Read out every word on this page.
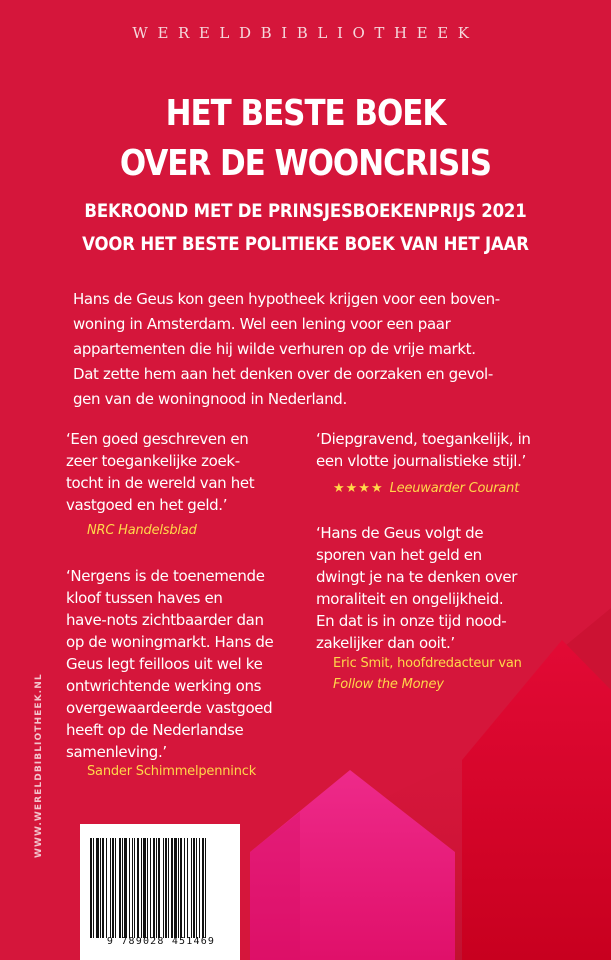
WERELDBIBLIOTHEEK
HET BESTE BOEK
OVER DE WOONCRISIS
BEKROOND MET DE PRINSJESBOEKENPRIJS 2021
VOOR HET BESTE POLITIEKE BOEK VAN HET JAAR
Hans de Geus kon geen hypotheek krijgen voor een boven-
woning in Amsterdam. Wel een lening voor een paar
appartementen die hij wilde verhuren op de vrije markt.
Dat zette hem aan het denken over de oorzaken en gevol-
gen van de woningnood in Nederland.
‘Een goed geschreven en
zeer toegankelijke zoek-
tocht in de wereld van het
vastgoed en het geld.’
NRC Handelsblad
‘Nergens is de toenemende
kloof tussen haves en
have-nots zichtbaarder dan
op de woningmarkt. Hans de
Geus legt feilloos uit wel ke
ontwrichtende werking ons
overgewaardeerde vastgoed
heeft op de Nederlandse
samenleving.’
Sander Schimmelpenninck
‘Diepgravend, toegankelijk, in
een vlotte journalistieke stijl.’
★★★★ Leeuwarder Courant
‘Hans de Geus volgt de
sporen van het geld en
dwingt je na te denken over
moraliteit en ongelijkheid.
En dat is in onze tijd nood-
zakelijker dan ooit.’
Eric Smit, hoofdredacteur van
Follow the Money
WWW.WERELDBIBLIOTHEEK.NL
9 789028 451469
